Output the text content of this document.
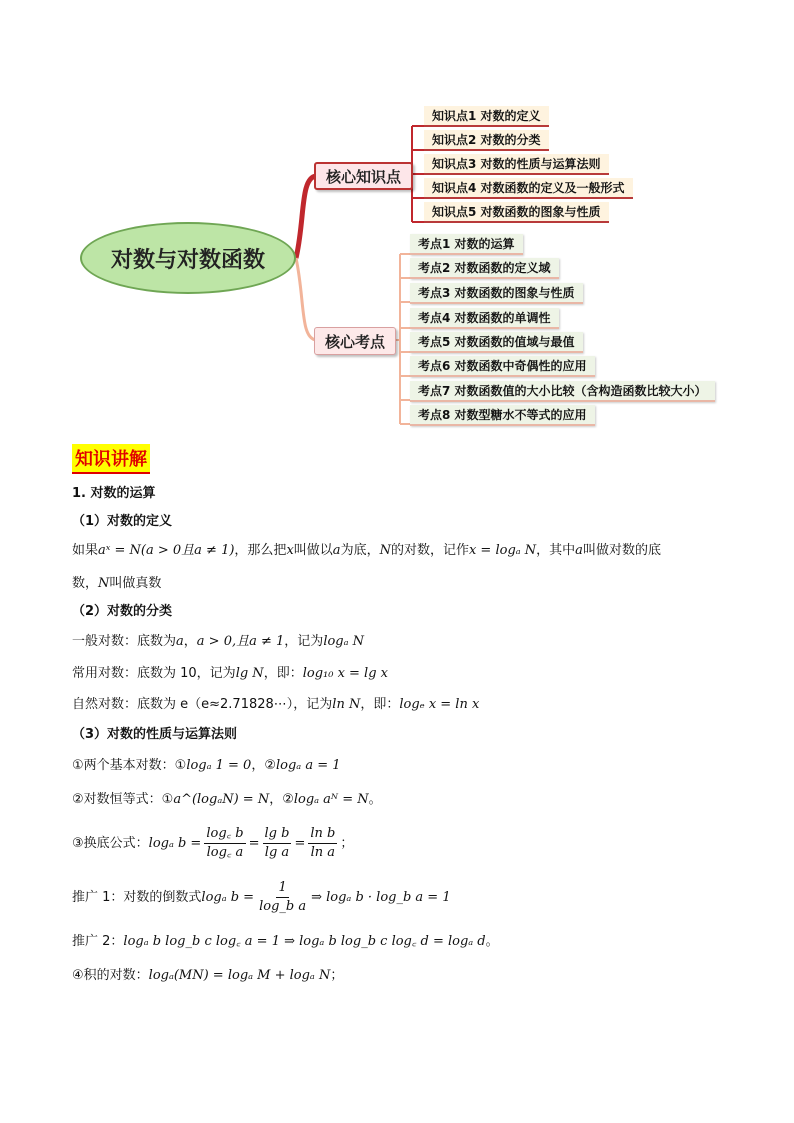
对数与对数函数
核心知识点
核心考点
知识点1 对数的定义
知识点2 对数的分类
知识点3 对数的性质与运算法则
知识点4 对数函数的定义及一般形式
知识点5 对数函数的图象与性质
考点1 对数的运算
考点2 对数函数的定义域
考点3 对数函数的图象与性质
考点4 对数函数的单调性
考点5 对数函数的值域与最值
考点6 对数函数中奇偶性的应用
考点7 对数函数值的大小比较（含构造函数比较大小）
考点8 对数型糖水不等式的应用
知识讲解
1. 对数的运算
（1）对数的定义
如果aˣ = N(a > 0且a ≠ 1)，那么把x叫做以a为底，N的对数，记作x = logₐ N，其中a叫做对数的底
数，N叫做真数
（2）对数的分类
一般对数：底数为a，a > 0,且a ≠ 1，记为logₐ N
常用对数：底数为 10，记为lg N，即：log₁₀ x = lg x
自然对数：底数为 e（e≈2.71828⋯），记为ln N，即：logₑ x = ln x
（3）对数的性质与运算法则
①两个基本对数：①logₐ 1 = 0，②logₐ a = 1
②对数恒等式：①a^(logₐN) = N，②logₐ aᴺ = N。
③换底公式：logₐ $b = \frac{\log꜀ b}{\log꜀ a} = \frac{\text{lg b}}{\text{lg a}} = \frac{\text{ln b}}{\text{ln a}}$ ；
推广 1：对数的倒数式logₐ $b = \frac{1}{\text{log\_b a}}$ ⇒ logₐ b · log_b a = 1
推广 2：logₐ b log_b c log꜀ a = 1 ⇒ logₐ b log_b c log꜀ d = logₐ d。
④积的对数：logₐ(MN) = logₐ M + logₐ N；
